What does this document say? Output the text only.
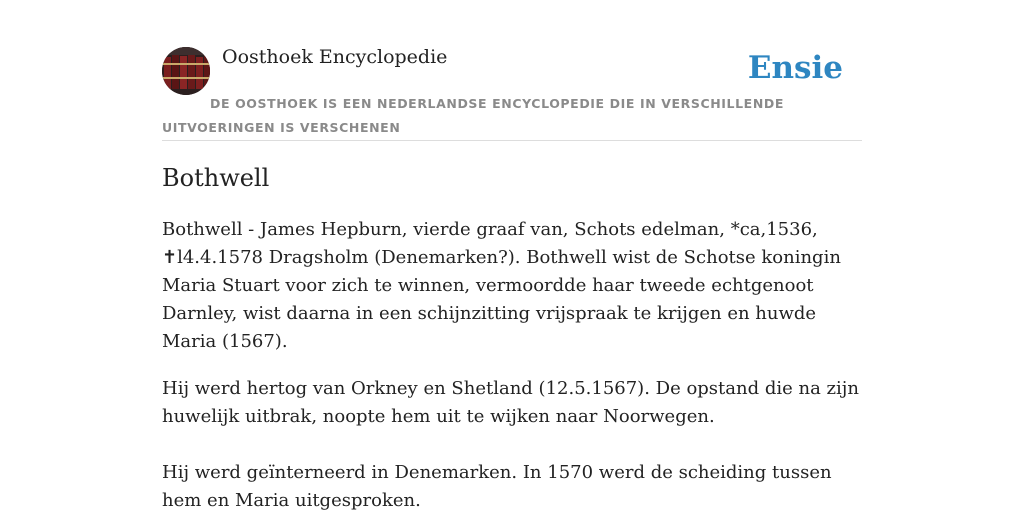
Oosthoek Encyclopedie	Ensie
DE OOSTHOEK IS EEN NEDERLANDSE ENCYCLOPEDIE DIE IN VERSCHILLENDE UITVOERINGEN IS VERSCHENEN
Bothwell

Bothwell - James Hepburn, vierde graaf van, Schots edelman, *ca,1536, ✝l4.4.1578 Dragsholm (Denemarken?). Bothwell wist de Schotse koningin Maria Stuart voor zich te winnen, vermoordde haar tweede echtgenoot Darnley, wist daarna in een schijnzitting vrijspraak te krijgen en huwde Maria (1567).

Hij werd hertog van Orkney en Shetland (12.5.1567). De opstand die na zijn huwelijk uitbrak, noopte hem uit te wijken naar Noorwegen.

Hij werd geïnterneerd in Denemarken. In 1570 werd de scheiding tussen hem en Maria uitgesproken.
